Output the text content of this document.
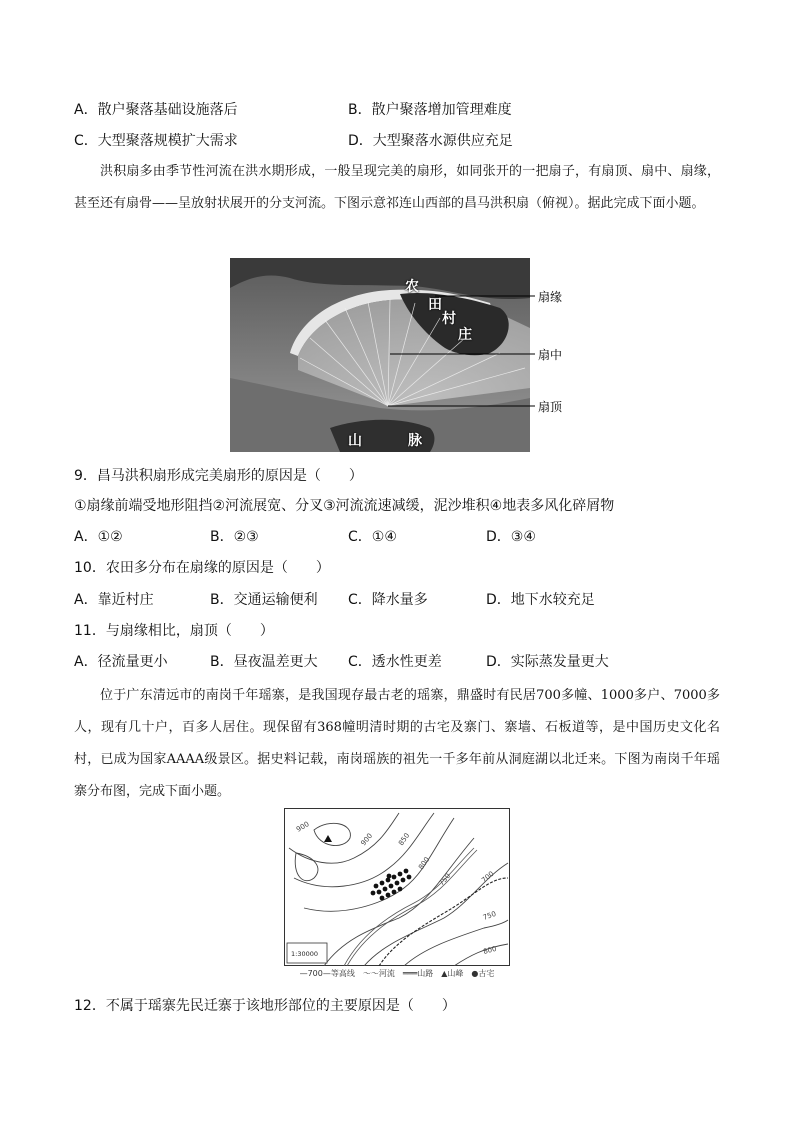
A．散户聚落基础设施落后	B．散户聚落增加管理难度
C．大型聚落规模扩大需求	D．大型聚落水源供应充足
洪积扇多由季节性河流在洪水期形成，一般呈现完美的扇形，如同张开的一把扇子，有扇顶、扇中、扇缘，甚至还有扇骨——呈放射状展开的分支河流。下图示意祁连山西部的昌马洪积扇（俯视）。据此完成下面小题。
扇缘
扇中
扇顶
农
田
村
庄
山	脉
9．昌马洪积扇形成完美扇形的原因是（　　）
①扇缘前端受地形阻挡②河流展宽、分叉③河流流速减缓，泥沙堆积④地表多风化碎屑物
A．①②	B．②③	C．①④	D．③④
10．农田多分布在扇缘的原因是（　　）
A．靠近村庄	B．交通运输便利 C．降水量多	D．地下水较充足
11．与扇缘相比，扇顶（　　）
A．径流量更小	B．昼夜温差更大 C．透水性更差	D．实际蒸发量更大
位于广东清远市的南岗千年瑶寨，是我国现存最古老的瑶寨，鼎盛时有民居700多幢、1000多户、7000多人，现有几十户，百多人居住。现保留有368幢明清时期的古宅及寨门、寨墙、石板道等，是中国历史文化名村，已成为国家AAAA级景区。据史料记载，南岗瑶族的祖先一千多年前从洞庭湖以北迁来。下图为南岗千年瑶寨分布图，完成下面小题。
900
900	850
800
750	700
750
800
1:30000
—700—等高线　～～河流　═══山路　▲山峰　●古宅
12．不属于瑶寨先民迁寨于该地形部位的主要原因是（　　）
